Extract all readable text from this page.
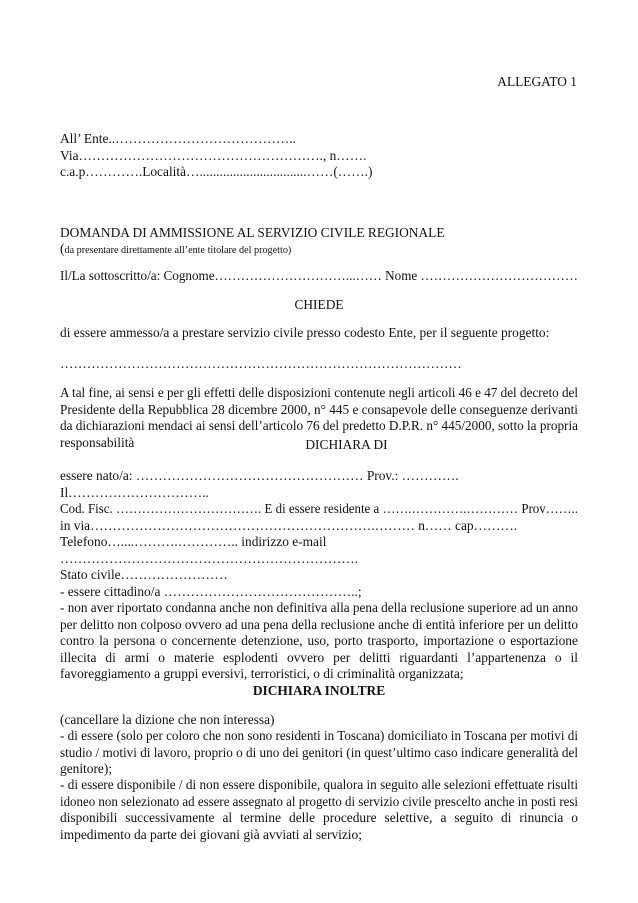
ALLEGATO 1
All’ Ente..…………………………………..
Via………………………………………………., n…….
c.a.p………….Località…................................……(…….)
DOMANDA DI AMMISSIONE AL SERVIZIO CIVILE REGIONALE
(da presentare direttamente all’ente titolare del progetto)
Il/La sottoscritto/a: Cognome…………………………...…… Nome ………………………………
CHIEDE
di essere ammesso/a a prestare servizio civile presso codesto Ente, per il seguente progetto:
………………………………………………………………………………
A tal fine, ai sensi e per gli effetti delle disposizioni contenute negli articoli 46 e 47 del decreto del
Presidente della Repubblica 28 dicembre 2000, n° 445 e consapevole delle conseguenze derivanti
da dichiarazioni mendaci ai sensi dell’articolo 76 del predetto D.P.R. n° 445/2000, sotto la propria
responsabilità	DICHIARA DI
essere nato/a: …………………………………………… Prov.: ………….
Il…………………………..
Cod. Fisc. ……………………………. E di essere residente a …….………….………… Prov……..
in via……………………………………………………….……… n…… cap……….
Telefono…....……….………….. indirizzo e-mail
………………………………………………………….
Stato civile……………………
- essere cittadino/a ……………………………………..;
- non aver riportato condanna anche non definitiva alla pena della reclusione superiore ad un anno
per delitto non colposo ovvero ad una pena della reclusione anche di entità inferiore per un delitto
contro la persona o concernente detenzione, uso, porto trasporto, importazione o esportazione
illecita di armi o materie esplodenti ovvero per delitti riguardanti l’appartenenza o il
favoreggiamento a gruppi eversivi, terroristici, o di criminalità organizzata;
DICHIARA INOLTRE
(cancellare la dizione che non interessa)
- di essere (solo per coloro che non sono residenti in Toscana) domiciliato in Toscana per motivi di
studio / motivi di lavoro, proprio o di uno dei genitori (in quest’ultimo caso indicare generalità del
genitore);
- di essere disponibile / di non essere disponibile, qualora in seguito alle selezioni effettuate risulti
idoneo non selezionato ad essere assegnato al progetto di servizio civile prescelto anche in posti resi
disponibili successivamente al termine delle procedure selettive, a seguito di rinuncia o
impedimento da parte dei giovani già avviati al servizio;
